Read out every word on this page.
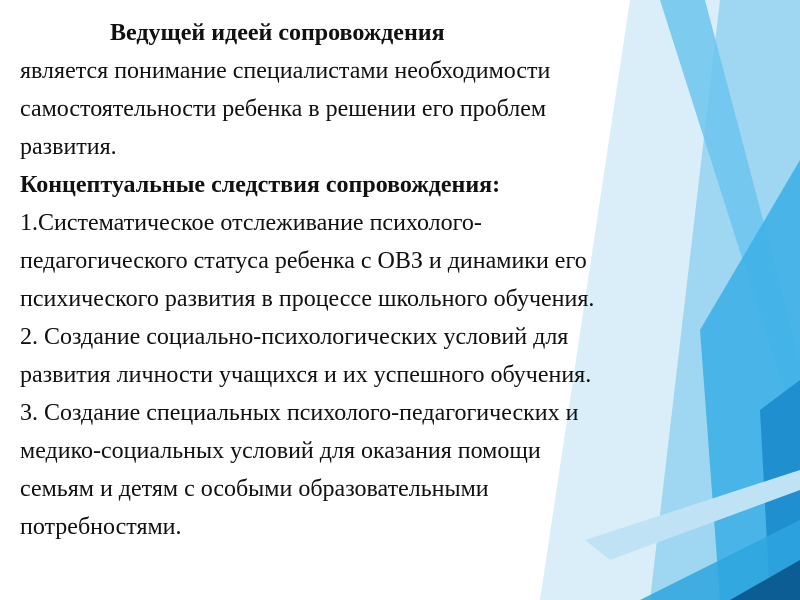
Ведущей идеей сопровождения
является понимание специалистами необходимости
самостоятельности ребенка в решении его проблем
развития.
Концептуальные следствия сопровождения:
1.Систематическое отслеживание психолого-
педагогического статуса ребенка с ОВЗ и динамики его
психического развития в процессе школьного обучения.
2. Создание социально-психологических условий для
развития личности учащихся и их успешного обучения.
3. Создание специальных психолого-педагогических и
медико-социальных условий для оказания помощи
семьям и детям с особыми образовательными
потребностями.
